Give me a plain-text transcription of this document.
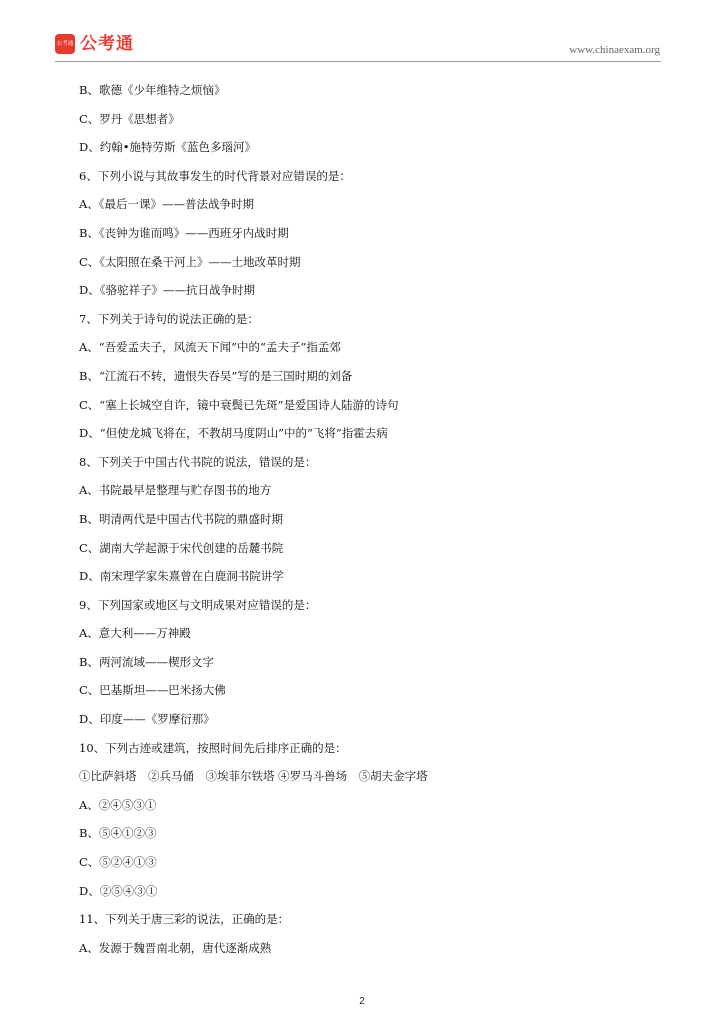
公考通 公考通	www.chinaexam.org
B、歌德《少年维特之烦恼》
C、罗丹《思想者》
D、约翰•施特劳斯《蓝色多瑙河》
6、下列小说与其故事发生的时代背景对应错误的是：
A、《最后一课》——普法战争时期
B、《丧钟为谁而鸣》——西班牙内战时期
C、《太阳照在桑干河上》——土地改革时期
D、《骆驼祥子》——抗日战争时期
7、下列关于诗句的说法正确的是：
A、“吾爱孟夫子，风流天下闻”中的“孟夫子”指孟郊
B、“江流石不转，遗恨失吞吴”写的是三国时期的刘备
C、“塞上长城空自许，镜中衰鬓已先斑”是爱国诗人陆游的诗句
D、“但使龙城飞将在，不教胡马度阴山”中的“飞将”指霍去病
8、下列关于中国古代书院的说法，错误的是：
A、书院最早是整理与贮存图书的地方
B、明清两代是中国古代书院的鼎盛时期
C、湖南大学起源于宋代创建的岳麓书院
D、南宋理学家朱熹曾在白鹿洞书院讲学
9、下列国家或地区与文明成果对应错误的是：
A、意大利——万神殿
B、两河流域——楔形文字
C、巴基斯坦——巴米扬大佛
D、印度——《罗摩衍那》
10、下列古迹或建筑，按照时间先后排序正确的是：
①比萨斜塔　②兵马俑　③埃菲尔铁塔 ④罗马斗兽场　⑤胡夫金字塔
A、②④⑤③①
B、⑤④①②③
C、⑤②④①③
D、②⑤④③①
11、下列关于唐三彩的说法，正确的是：
A、发源于魏晋南北朝，唐代逐渐成熟
2
